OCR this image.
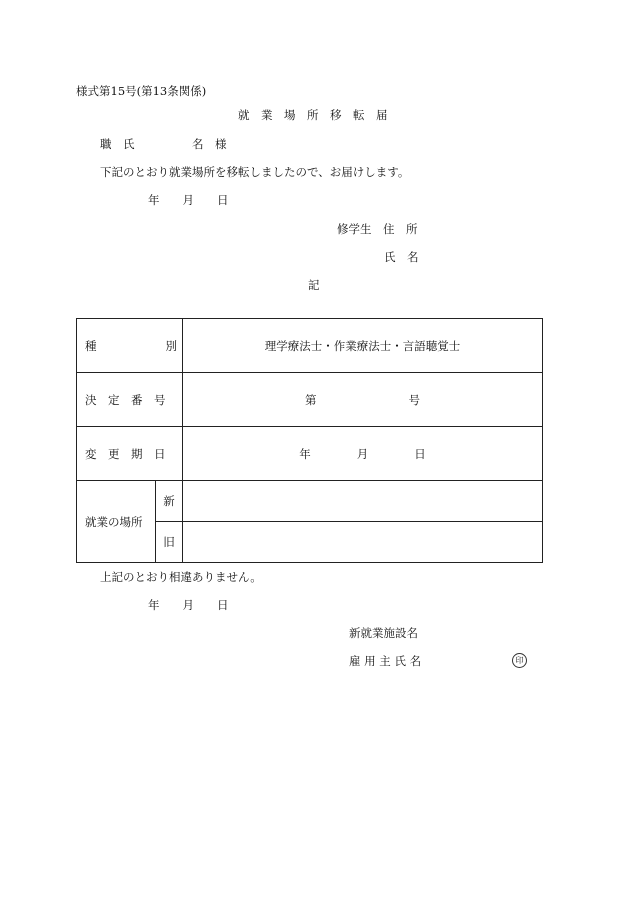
様式第15号(第13条関係)
就　業　場　所　移　転　届
職　氏　　　　　名　様
下記のとおり就業場所を移転しましたので、お届けします。
年　　月　　日
修学生　住　所
氏　名
記
種　　　　　　別		理学療法士・作業療法士・言語聴覚士
決　定　番　号		第　　　　　　　　号
変　更　期　日		年　　　　月　　　　日
就業の場所	新	
	旧	
上記のとおり相違ありません。
年　　月　　日
新就業施設名
雇 用 主 氏 名	印
